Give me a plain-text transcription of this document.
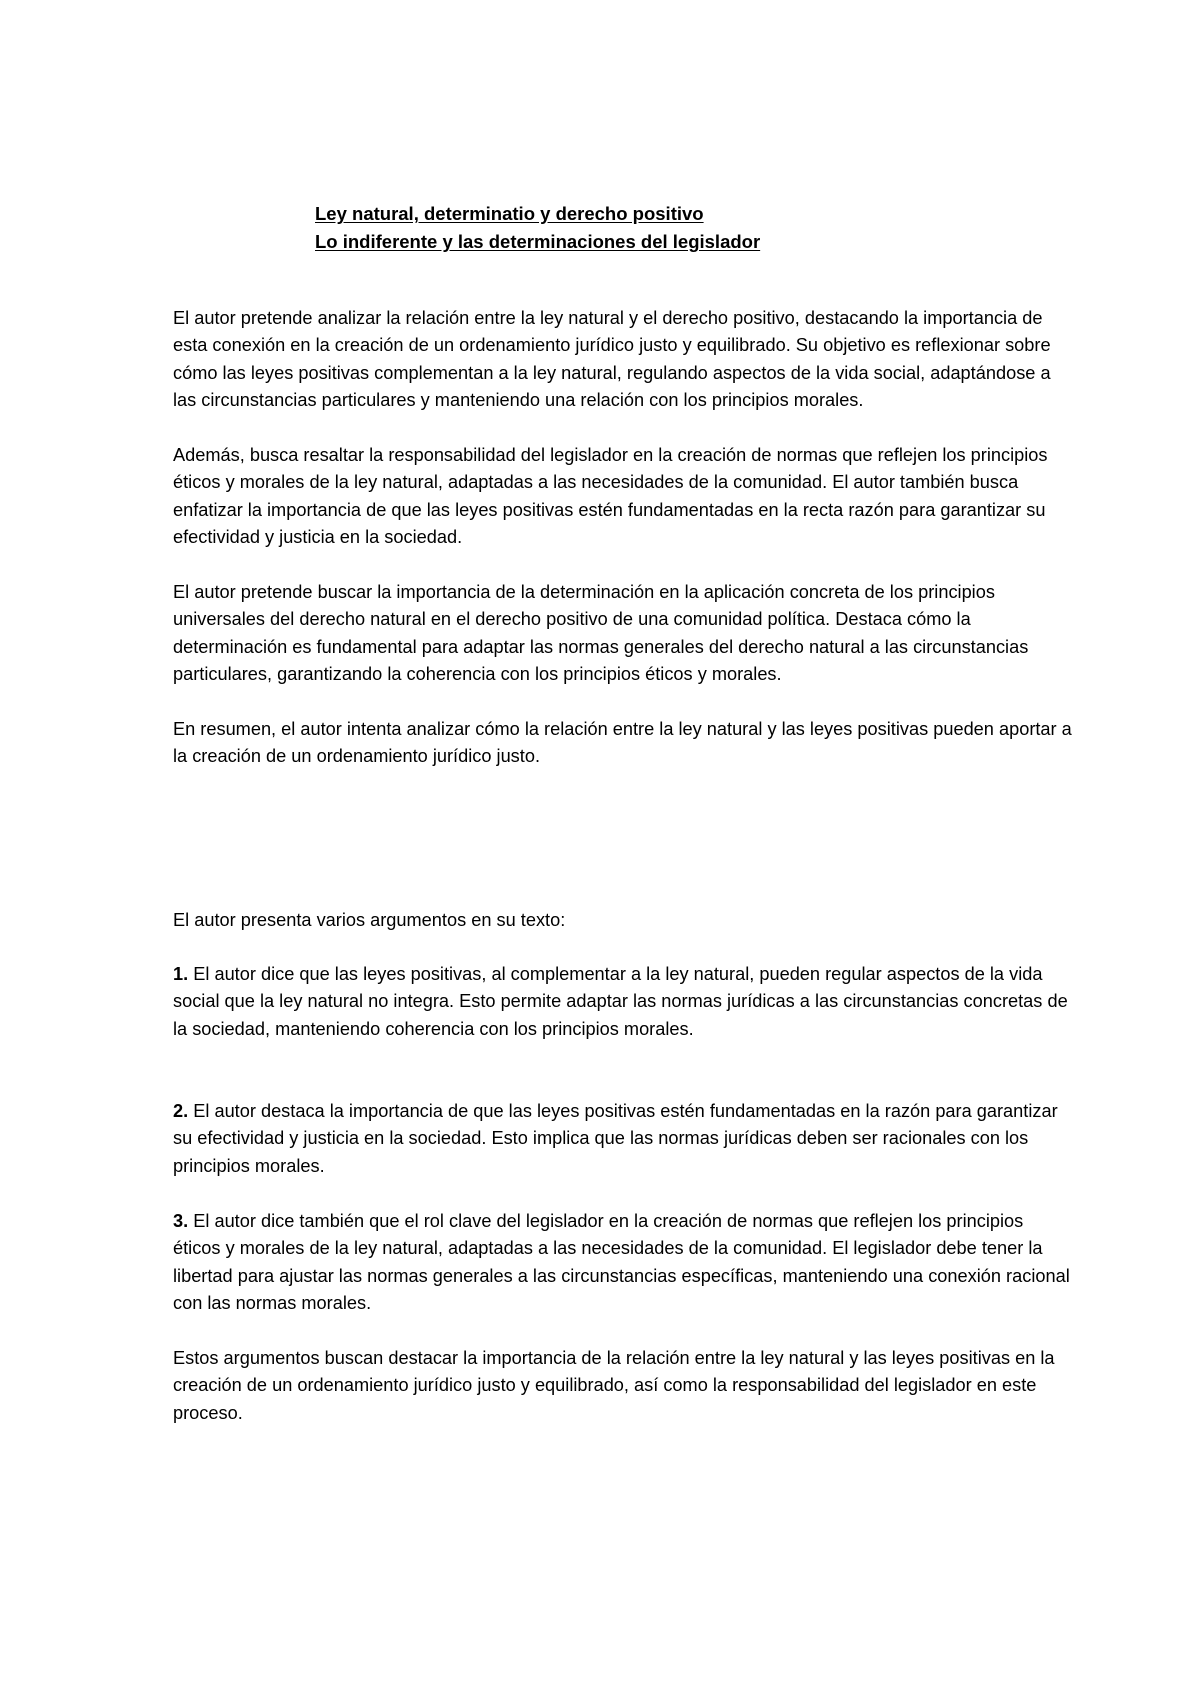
Ley natural, determinatio y derecho positivo
Lo indiferente y las determinaciones del legislador

El autor pretende analizar la relación entre la ley natural y el derecho positivo, destacando la importancia de esta conexión en la creación de un ordenamiento jurídico justo y equilibrado. Su objetivo es reflexionar sobre cómo las leyes positivas complementan a la ley natural, regulando aspectos de la vida social, adaptándose a las circunstancias particulares y manteniendo una relación con los principios morales.

Además, busca resaltar la responsabilidad del legislador en la creación de normas que reflejen los principios éticos y morales de la ley natural, adaptadas a las necesidades de la comunidad. El autor también busca enfatizar la importancia de que las leyes positivas estén fundamentadas en la recta razón para garantizar su efectividad y justicia en la sociedad.

El autor pretende buscar la importancia de la determinación en la aplicación concreta de los principios universales del derecho natural en el derecho positivo de una comunidad política. Destaca cómo la determinación es fundamental para adaptar las normas generales del derecho natural a las circunstancias particulares, garantizando la coherencia con los principios éticos y morales.

En resumen, el autor intenta analizar cómo la relación entre la ley natural y las leyes positivas pueden aportar a la creación de un ordenamiento jurídico justo.

El autor presenta varios argumentos en su texto:

1. El autor dice que las leyes positivas, al complementar a la ley natural, pueden regular aspectos de la vida social que la ley natural no integra. Esto permite adaptar las normas jurídicas a las circunstancias concretas de la sociedad, manteniendo coherencia con los principios morales.

2. El autor destaca la importancia de que las leyes positivas estén fundamentadas en la razón para garantizar su efectividad y justicia en la sociedad. Esto implica que las normas jurídicas deben ser racionales con los principios morales.

3. El autor dice también que el rol clave del legislador en la creación de normas que reflejen los principios éticos y morales de la ley natural, adaptadas a las necesidades de la comunidad. El legislador debe tener la libertad para ajustar las normas generales a las circunstancias específicas, manteniendo una conexión racional con las normas morales.

Estos argumentos buscan destacar la importancia de la relación entre la ley natural y las leyes positivas en la creación de un ordenamiento jurídico justo y equilibrado, así como la responsabilidad del legislador en este proceso.
